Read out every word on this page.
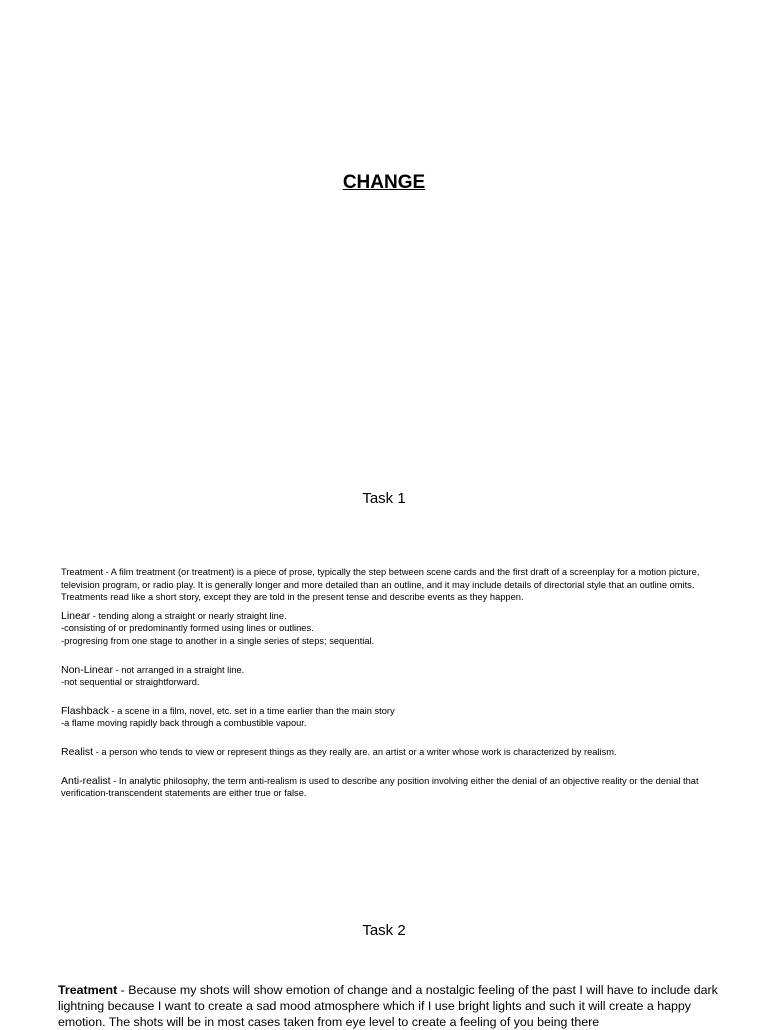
CHANGE
Task 1

Treatment - A film treatment (or treatment) is a piece of prose, typically the step between scene cards and the first draft of a screenplay for a motion picture, television program, or radio play. It is generally longer and more detailed than an outline, and it may include details of directorial style that an outline omits. Treatments read like a short story, except they are told in the present tense and describe events as they happen.

Linear - tending along a straight or nearly straight line.
-consisting of or predominantly formed using lines or outlines.
-progresing from one stage to another in a single series of steps; sequential.

Non-Linear - not arranged in a straight line.
-not sequential or straightforward.

Flashback - a scene in a film, novel, etc. set in a time earlier than the main story
-a flame moving rapidly back through a combustible vapour.

Realist - a person who tends to view or represent things as they really are. an artist or a writer whose work is characterized by realism.

Anti-realist - In analytic philosophy, the term anti-realism is used to describe any position involving either the denial of an objective reality or the denial that verification-transcendent statements are either true or false.

Task 2

Treatment - Because my shots will show emotion of change and a nostalgic feeling of the past I will have to include dark lightning because I want to create a sad mood atmosphere which if I use bright lights and such it will create a happy emotion. The shots will be in most cases taken from eye level to create a feeling of you being there
